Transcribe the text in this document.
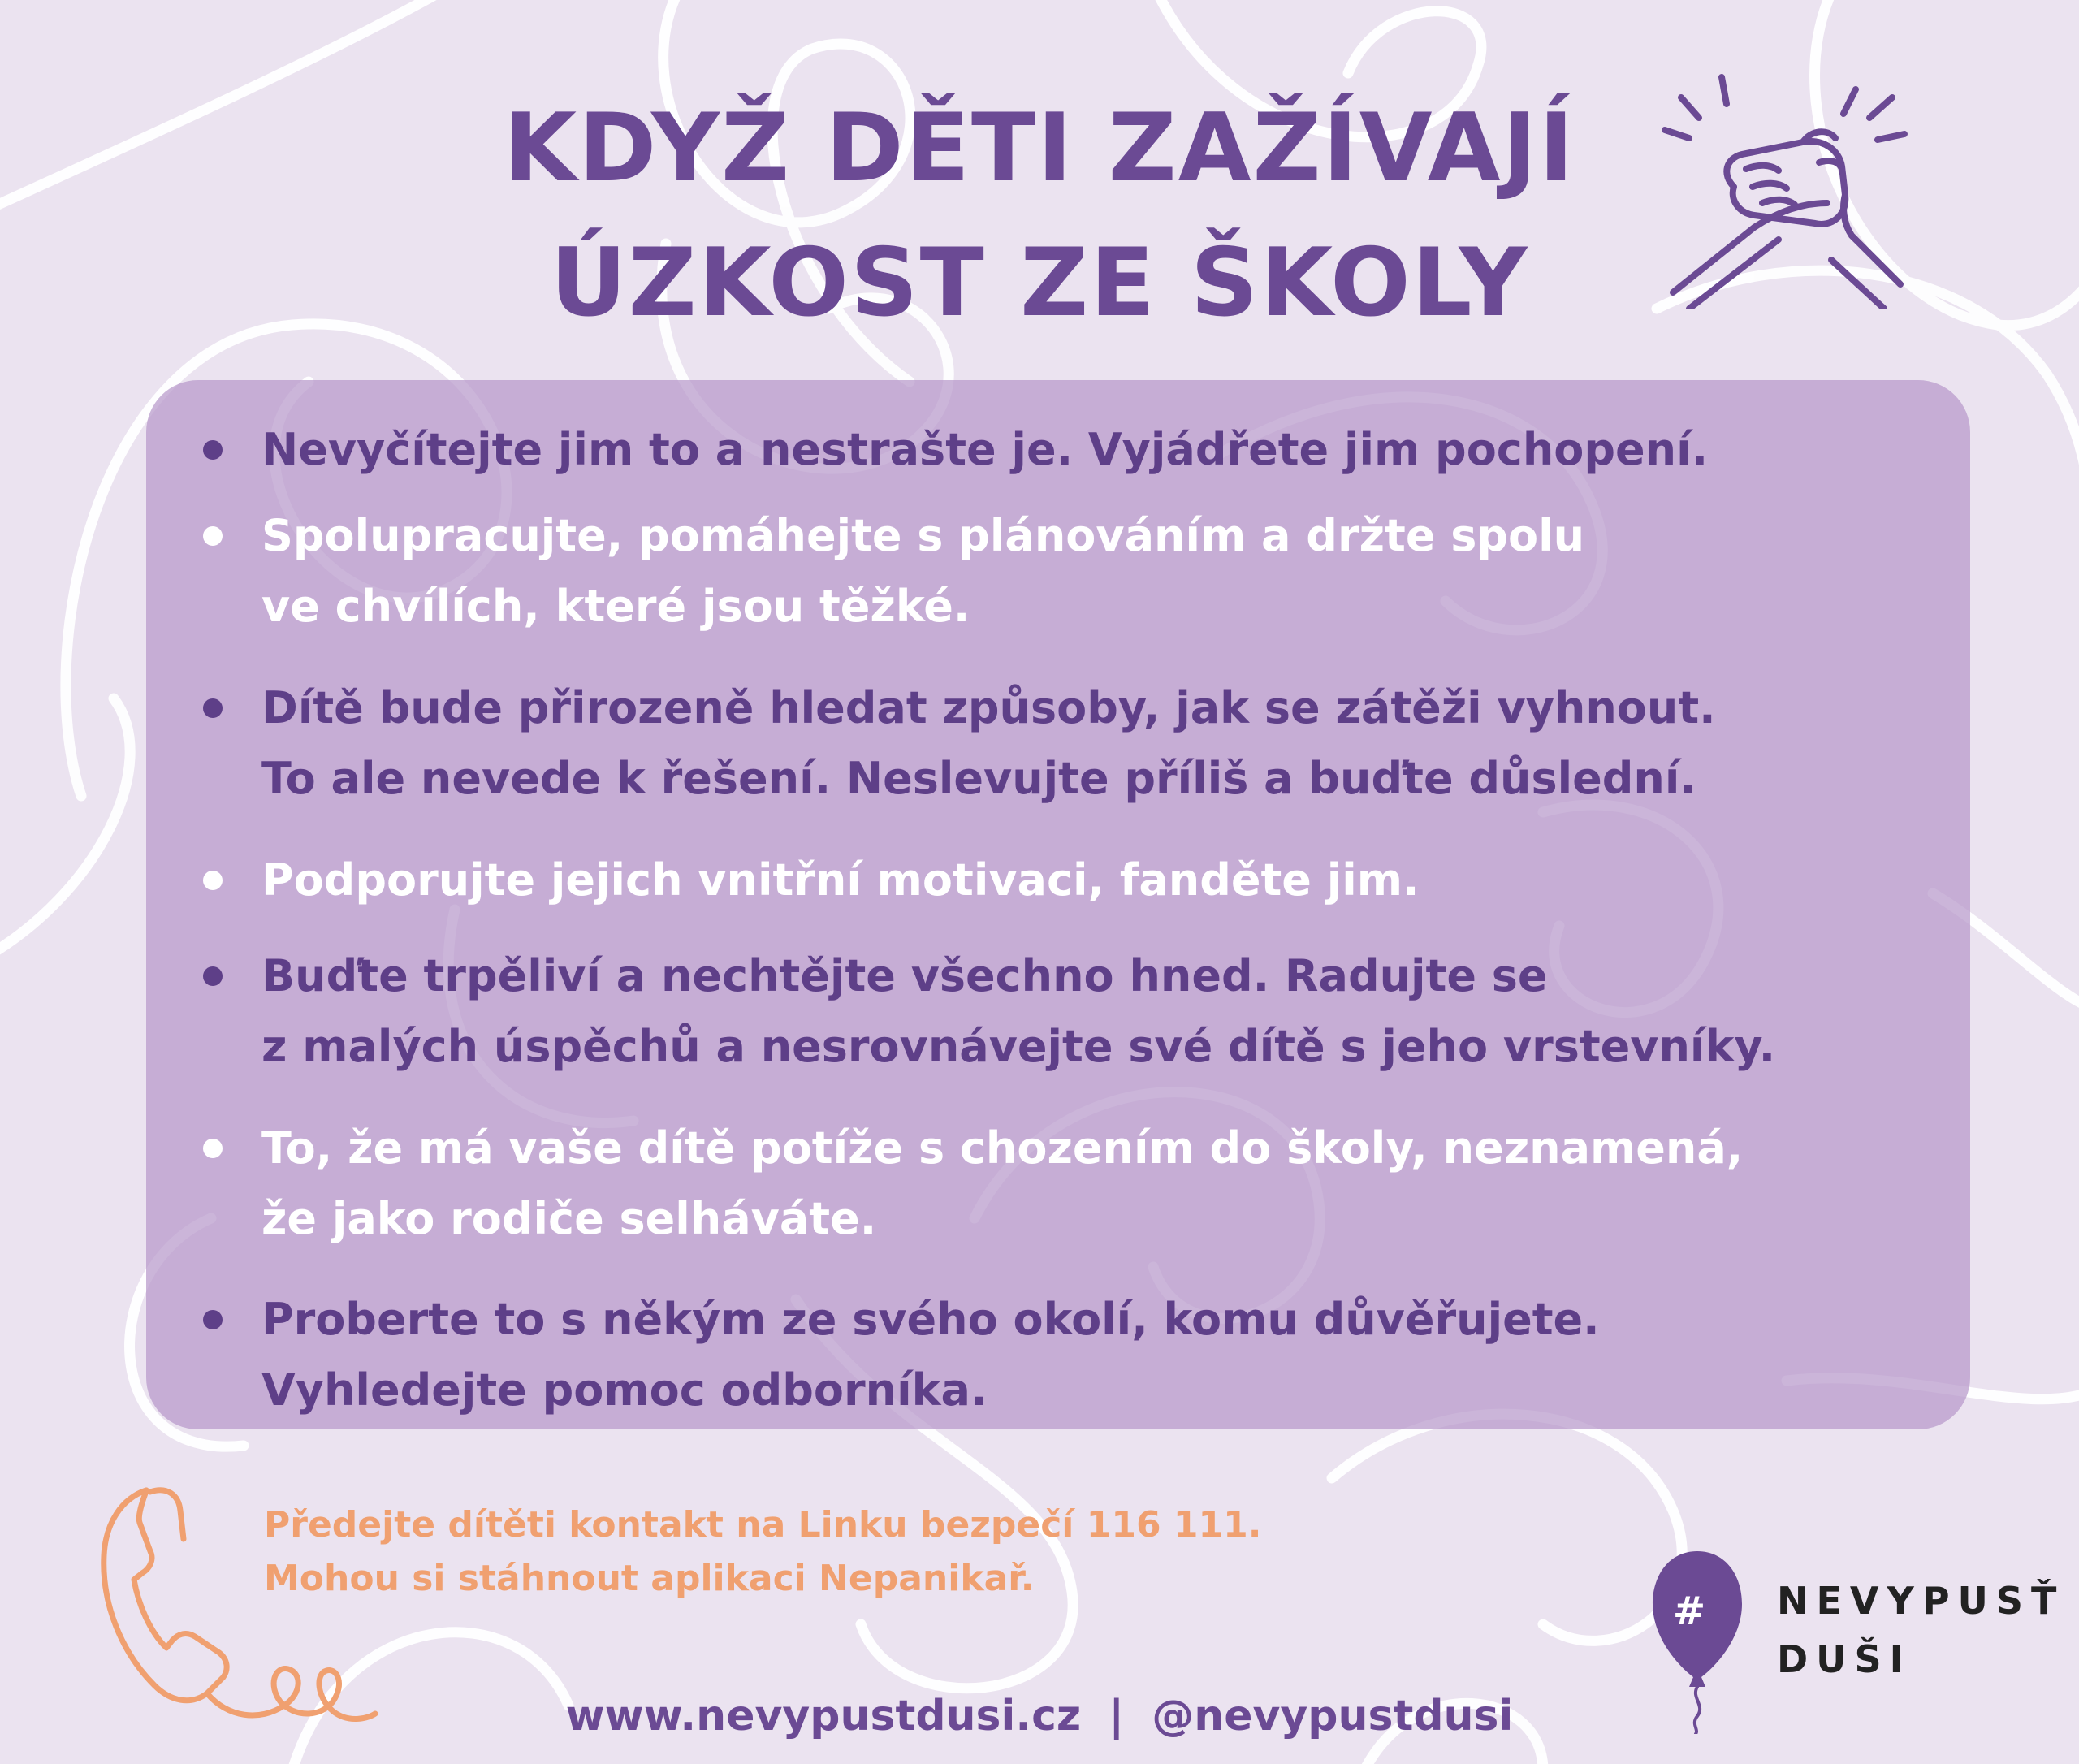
KDYŽ DĚTI ZAŽÍVAJÍ
ÚZKOST ZE ŠKOLY

Nevyčítejte jim to a nestrašte je. Vyjádřete jim pochopení.

Spolupracujte, pomáhejte s plánováním a držte spolu
ve chvílích, které jsou těžké.

Dítě bude přirozeně hledat způsoby, jak se zátěži vyhnout.
To ale nevede k řešení. Neslevujte příliš a buďte důslední.

Podporujte jejich vnitřní motivaci, fanděte jim.

Buďte trpěliví a nechtějte všechno hned. Radujte se
z malých úspěchů a nesrovnávejte své dítě s jeho vrstevníky.

To, že má vaše dítě potíže s chozením do školy, neznamená,
že jako rodiče selháváte.

Proberte to s někým ze svého okolí, komu důvěřujete.
Vyhledejte pomoc odborníka.

Předejte dítěti kontakt na Linku bezpečí 116 111.
Mohou si stáhnout aplikaci Nepanikař.

www.nevypustdusi.cz | @nevypustdusi

# NEVYPUSŤ
DUŠI
